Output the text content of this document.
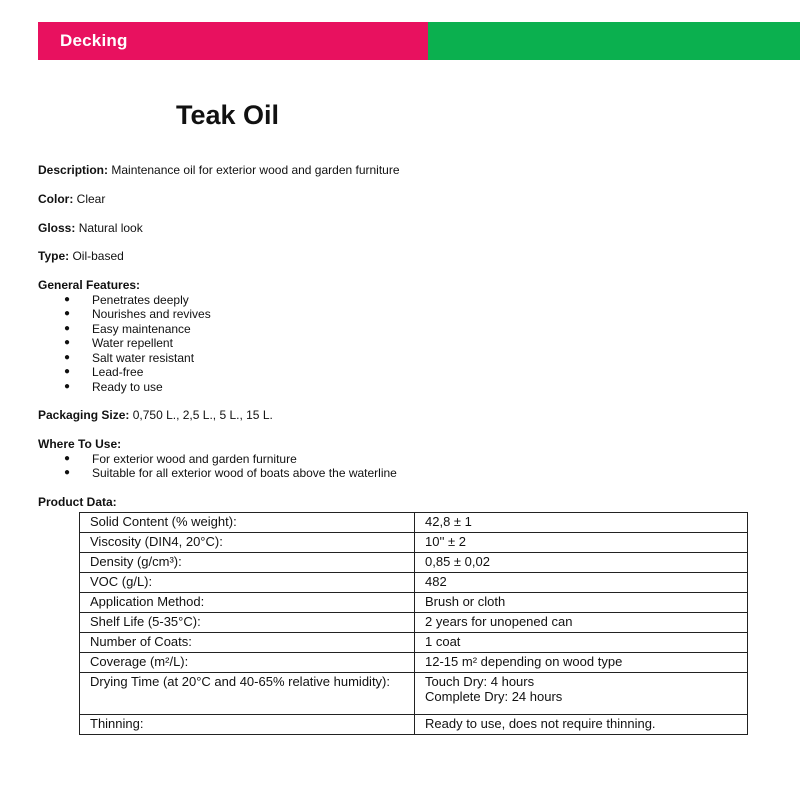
Decking
Teak Oil
Description: Maintenance oil for exterior wood and garden furniture
Color: Clear
Gloss: Natural look
Type: Oil-based
General Features:
● Penetrates deeply
● Nourishes and revives
● Easy maintenance
● Water repellent
● Salt water resistant
● Lead-free
● Ready to use
Packaging Size: 0,750 L., 2,5 L., 5 L., 15 L.
Where To Use:
● For exterior wood and garden furniture
● Suitable for all exterior wood of boats above the waterline
Product Data:
Solid Content (% weight):	42,8 ± 1
Viscosity (DIN4, 20°C):	10'' ± 2
Density (g/cm³):	0,85 ± 0,02
VOC (g/L):	482
Application Method:	Brush or cloth
Shelf Life (5-35°C):	2 years for unopened can
Number of Coats:	1 coat
Coverage (m²/L):	12-15 m² depending on wood type
Drying Time (at 20°C and 40-65% relative humidity):	Touch Dry: 4 hours
Complete Dry: 24 hours

Thinning:	Ready to use, does not require thinning.
